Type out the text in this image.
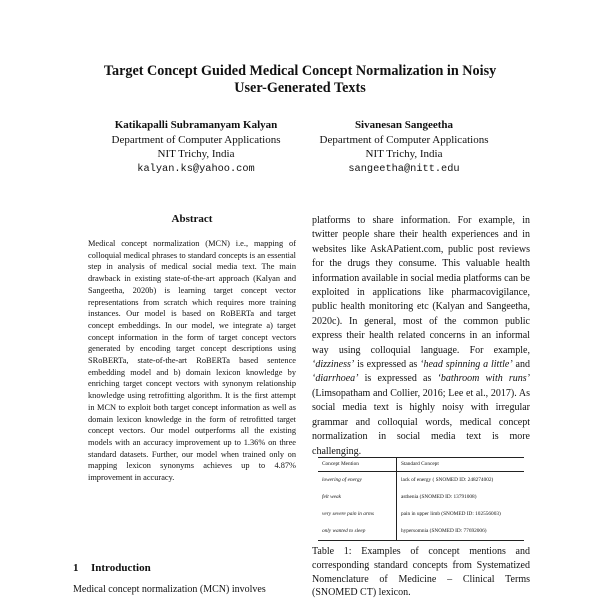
Target Concept Guided Medical Concept Normalization in Noisy
User-Generated Texts
Katikapalli Subramanyam Kalyan
Department of Computer Applications
NIT Trichy, India
kalyan.ks@yahoo.com
Sivanesan Sangeetha
Department of Computer Applications
NIT Trichy, India
sangeetha@nitt.edu
Abstract
Medical concept normalization (MCN) i.e., mapping of colloquial medical phrases to standard concepts is an essential step in analysis of medical social media text. The main drawback in existing state-of-the-art approach (Kalyan and Sangeetha, 2020b) is learning target concept vector representations from scratch which requires more training instances. Our model is based on RoBERTa and target concept embeddings. In our model, we integrate a) target concept information in the form of target concept vectors generated by encoding target concept descriptions using SRoBERTa, state-of-the-art RoBERTa based sentence embedding model and b) domain lexicon knowledge by enriching target concept vectors with synonym relationship knowledge using retrofitting algorithm. It is the first attempt in MCN to exploit both target concept information as well as domain lexicon knowledge in the form of retrofitted target concept vectors. Our model outperforms all the existing models with an accuracy improvement up to 1.36% on three standard datasets. Further, our model when trained only on mapping lexicon synonyms achieves up to 4.87% improvement in accuracy.
1 Introduction
Medical concept normalization (MCN) involves
platforms to share information. For example, in twitter people share their health experiences and in websites like AskAPatient.com, public post reviews for the drugs they consume. This valuable health information available in social media platforms can be exploited in applications like pharmacovigilance, public health monitoring etc (Kalyan and Sangeetha, 2020c). In general, most of the common public express their health related concerns in an informal way using colloquial language. For example, ‘dizziness’ is expressed as ‘head spinning a little’ and ‘diarrhoea’ is expressed as ‘bathroom with runs’ (Limsopatham and Collier, 2016; Lee et al., 2017). As social media text is highly noisy with irregular grammar and colloquial words, medical concept normalization in social media text is more challenging.
Concept Mention	Standard Concept
lowering of energy	lack of energy ( SNOMED ID: 248274002)
felt weak	asthenia (SNOMED ID: 13791008)
very severe pain in arms	pain in upper limb (SNOMED ID: 102556003)
only wanted to sleep	hypersomnia (SNOMED ID: 77692006)
Table 1: Examples of concept mentions and corresponding standard concepts from Systematized Nomenclature of Medicine – Clinical Terms (SNOMED CT) lexicon.
